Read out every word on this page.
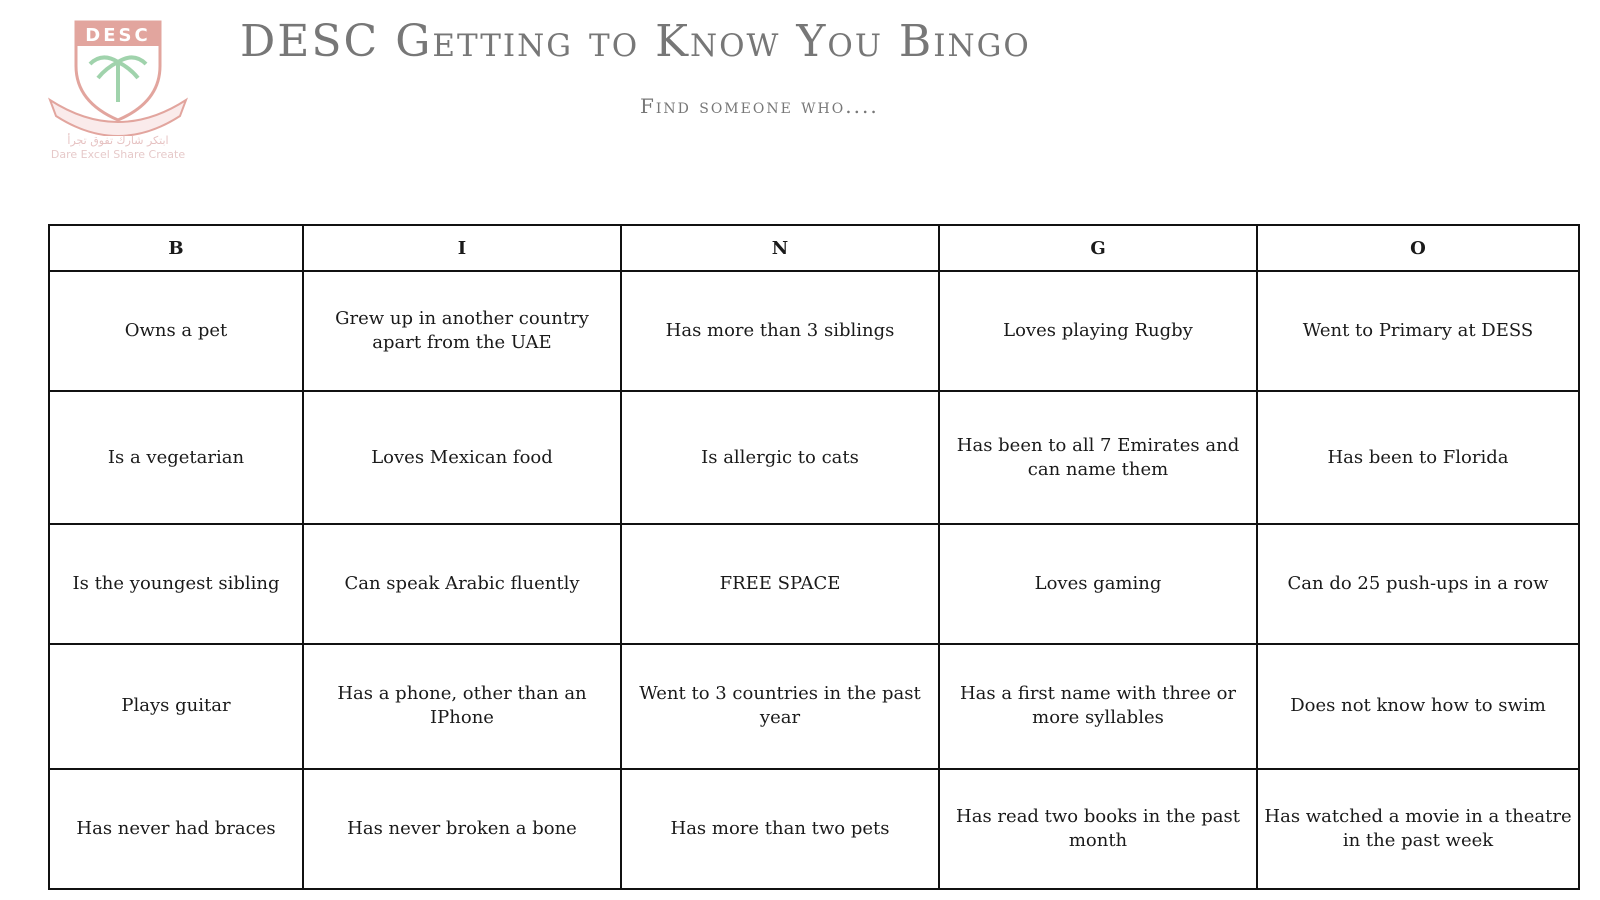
DESC
ابتكر شارك تفوق تجرأ
Dare Excel Share Create
DESC Getting to Know You Bingo
Find someone who....
B	I	N	G	O
Owns a pet	Grew up in another country apart from the UAE	Has more than 3 siblings	Loves playing Rugby	Went to Primary at DESS
Is a vegetarian	Loves Mexican food	Is allergic to cats	Has been to all 7 Emirates and can name them	Has been to Florida
Is the youngest sibling	Can speak Arabic fluently	FREE SPACE	Loves gaming	Can do 25 push-ups in a row
Plays guitar	Has a phone, other than an IPhone	Went to 3 countries in the past year	Has a first name with three or more syllables	Does not know how to swim
Has never had braces	Has never broken a bone	Has more than two pets	Has read two books in the past month	Has watched a movie in a theatre in the past week
